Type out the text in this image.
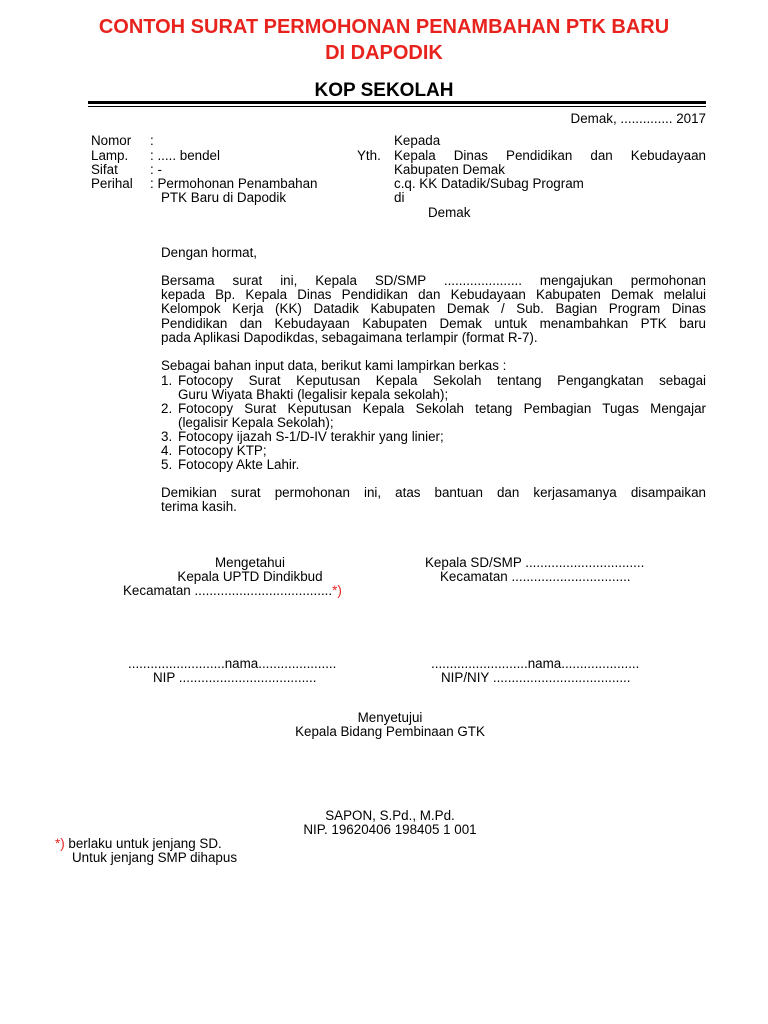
CONTOH SURAT PERMOHONAN PENAMBAHAN PTK BARU
DI DAPODIK
KOP SEKOLAH
Demak, .............. 2017
Nomor :
Lamp. : ..... bendel
Sifat : -
Perihal : Permohonan Penambahan
PTK Baru di Dapodik
Kepada
Yth. Kepala Dinas Pendidikan dan Kebudayaan
Kabupaten Demak
c.q. KK Datadik/Subag Program
di
Demak
Dengan hormat,
Bersama surat ini, Kepala SD/SMP ..................... mengajukan permohonan
kepada Bp. Kepala Dinas Pendidikan dan Kebudayaan Kabupaten Demak melalui
Kelompok Kerja (KK) Datadik Kabupaten Demak / Sub. Bagian Program Dinas
Pendidikan dan Kebudayaan Kabupaten Demak untuk menambahkan PTK baru
pada Aplikasi Dapodikdas, sebagaimana terlampir (format R-7).
Sebagai bahan input data, berikut kami lampirkan berkas :
1. Fotocopy Surat Keputusan Kepala Sekolah tentang Pengangkatan sebagai
Guru Wiyata Bhakti (legalisir kepala sekolah);
2. Fotocopy Surat Keputusan Kepala Sekolah tetang Pembagian Tugas Mengajar
(legalisir Kepala Sekolah);
3. Fotocopy ijazah S-1/D-IV terakhir yang linier;
4. Fotocopy KTP;
5. Fotocopy Akte Lahir.
Demikian surat permohonan ini, atas bantuan dan kerjasamanya disampaikan
terima kasih.
Mengetahui
Kepala UPTD Dindikbud
Kecamatan .....................................*)
..........................nama.....................
NIP .....................................
Kepala SD/SMP ................................
Kecamatan ................................
..........................nama.....................
NIP/NIY .....................................
Menyetujui
Kepala Bidang Pembinaan GTK
SAPON, S.Pd., M.Pd.
NIP. 19620406 198405 1 001
*) berlaku untuk jenjang SD.
Untuk jenjang SMP dihapus
